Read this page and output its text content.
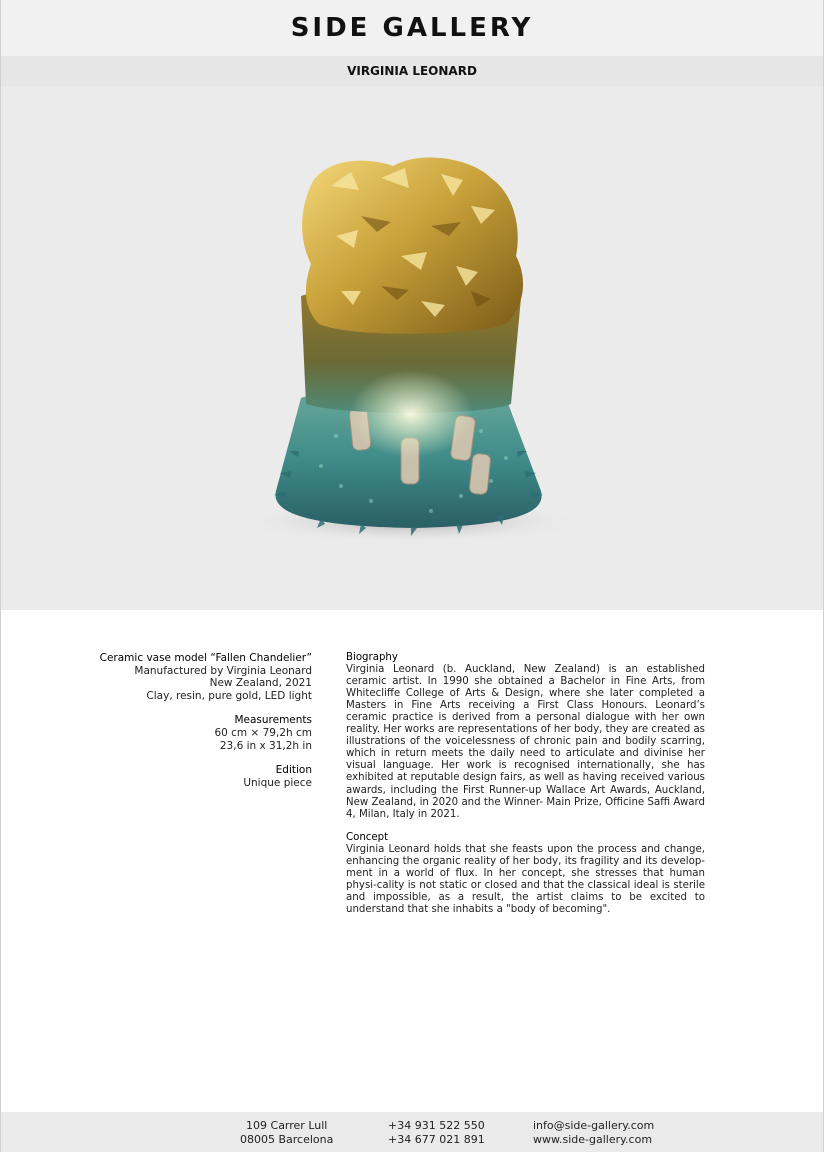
SIDE GALLERY
VIRGINIA LEONARD
Ceramic vase model “Fallen Chandelier”
Manufactured by Virginia Leonard
New Zealand, 2021
Clay, resin, pure gold, LED light
Measurements
60 cm × 79,2h cm
23,6 in x 31,2h in
Edition
Unique piece
Biography

Virginia Leonard (b. Auckland, New Zealand) is an established ceramic artist. In 1990 she obtained a Bachelor in Fine Arts, from Whitecliffe College of Arts & Design, where she later completed a Masters in Fine Arts receiving a First Class Honours. Leonard’s ceramic practice is derived from a personal dialogue with her own reality. Her works are representations of her body, they are created as illustrations of the voicelessness of chronic pain and bodily scarring, which in return meets the daily need to articulate and divinise her visual language. Her work is recognised internationally, she has exhibited at reputable design fairs, as well as having received various awards, including the First Runner-up Wallace Art Awards, Auckland, New Zealand, in 2020 and the Winner- Main Prize, Officine Saffi Award 4, Milan, Italy in 2021.

Concept

Virginia Leonard holds that she feasts upon the process and change, enhancing the organic reality of her body, its fragility and its develop-ment in a world of flux. In her concept, she stresses that human physi-cality is not static or closed and that the classical ideal is sterile and impossible, as a result, the artist claims to be excited to understand that she inhabits a "body of becoming".

109 Carrer Lull
08005 Barcelona
+34 931 522 550
+34 677 021 891
info@side-gallery.com
www.side-gallery.com
